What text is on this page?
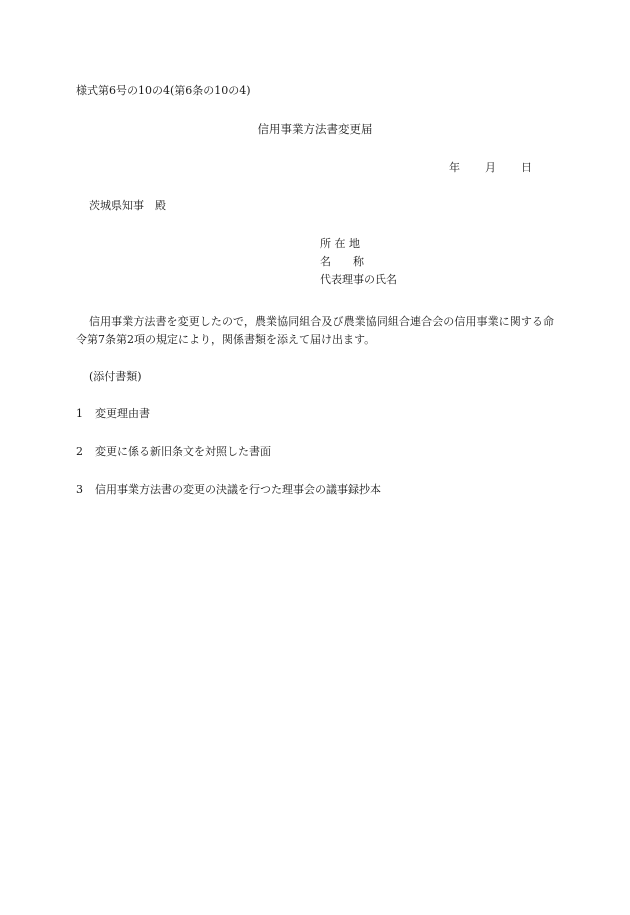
様式第6号の10の4(第6条の10の4)
信用事業方法書変更届
年 月 日
茨城県知事　殿
所 在 地
名　　称
代表理事の氏名
信用事業方法書を変更したので，農業協同組合及び農業協同組合連合会の信用事業に関する命令第7条第2項の規定により，関係書類を添えて届け出ます。
(添付書類)
1 変更理由書
2 変更に係る新旧条文を対照した書面
3 信用事業方法書の変更の決議を行つた理事会の議事録抄本
